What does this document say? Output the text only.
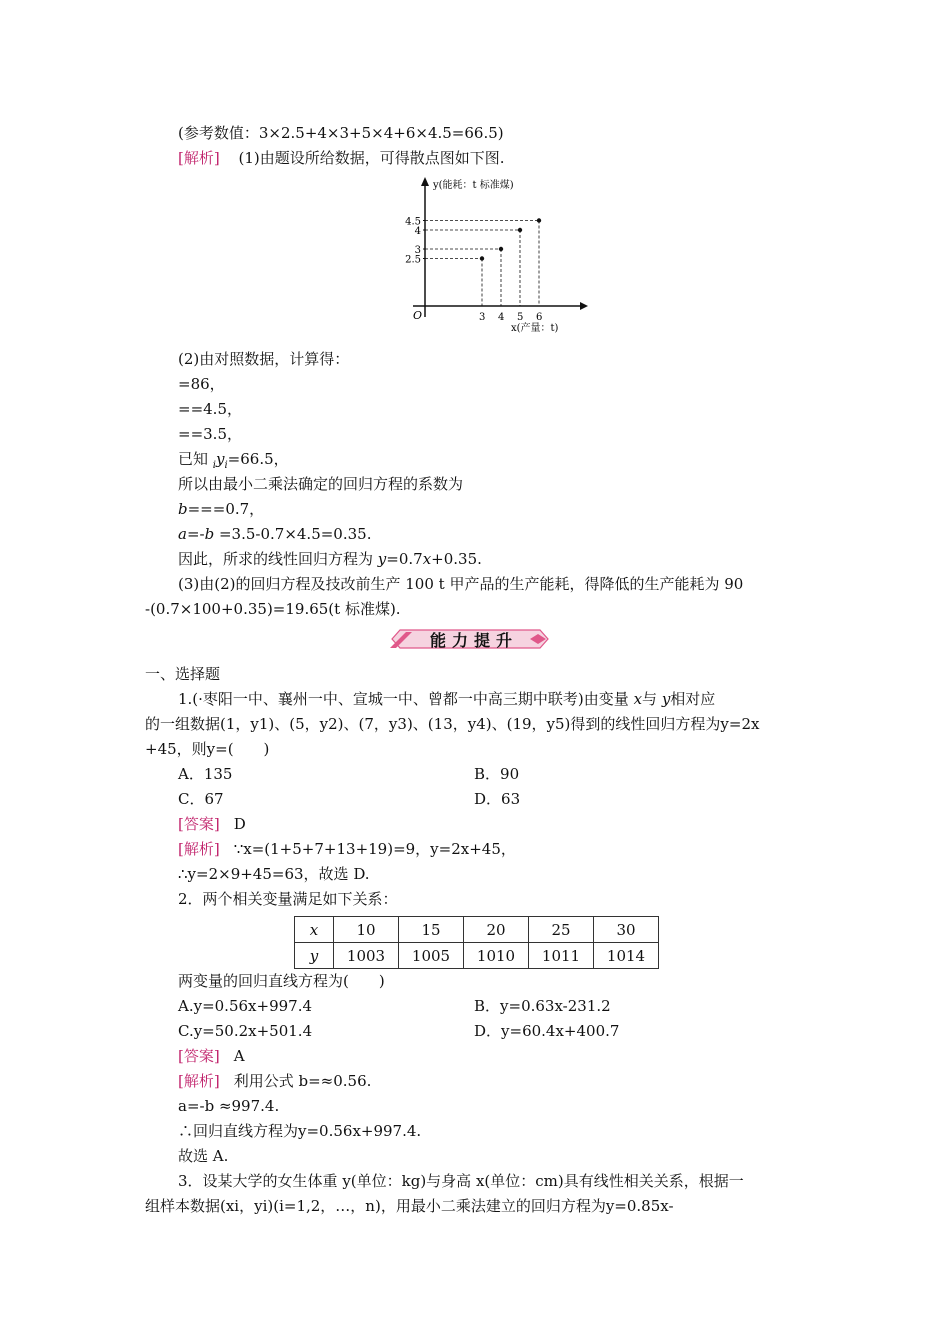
(参考数值：3×2.5+4×3+5×4+6×4.5=66.5)
[解析] (1)由题设所给数据，可得散点图如下图.
y(能耗：t 标准煤)
x(产量：t)
O	3
2.5
4
3
5
4
6
4.5
(2)由对照数据，计算得：
=86，
==4.5，
==3.5，
已知 $_iy_i=66.5$，
所以由最小二乘法确定的回归方程的系数为
b===0.7，
a=-b =3.5-0.7×4.5=0.35.
因此，所求的线性回归方程为 y=0.7x+0.35.
(3)由(2)的回归方程及技改前生产 100 t 甲产品的生产能耗，得降低的生产能耗为 90
-(0.7×100+0.35)=19.65(t 标准煤).
能力提升
一、选择题
1.(·枣阳一中、襄州一中、宣城一中、曾都一中高三期中联考)由变量 x与 y相对应
的一组数据(1，y1)、(5，y2)、(7，y3)、(13，y4)、(19，y5)得到的线性回归方程为y=2x
+45，则y=(　　)
A．135	B．90
C．67	D．63
[答案] D
[解析] ∵x=(1+5+7+13+19)=9，y=2x+45，
∴y=2×9+45=63，故选 D.
2．两个相关变量满足如下关系：
x	10	15	20	25	30
y	1003	1005	1010	1011	1014
两变量的回归直线方程为(　　)
A.y=0.56x+997.4	B．y=0.63x-231.2
C.y=50.2x+501.4	D．y=60.4x+400.7
[答案] A
[解析] 利用公式 b=≈0.56.
a=-b ≈997.4.
∴回归直线方程为y=0.56x+997.4.
故选 A.
3．设某大学的女生体重 y(单位：kg)与身高 x(单位：cm)具有线性相关关系，根据一
组样本数据(xi，yi)(i=1,2，…，n)，用最小二乘法建立的回归方程为y=0.85x-
